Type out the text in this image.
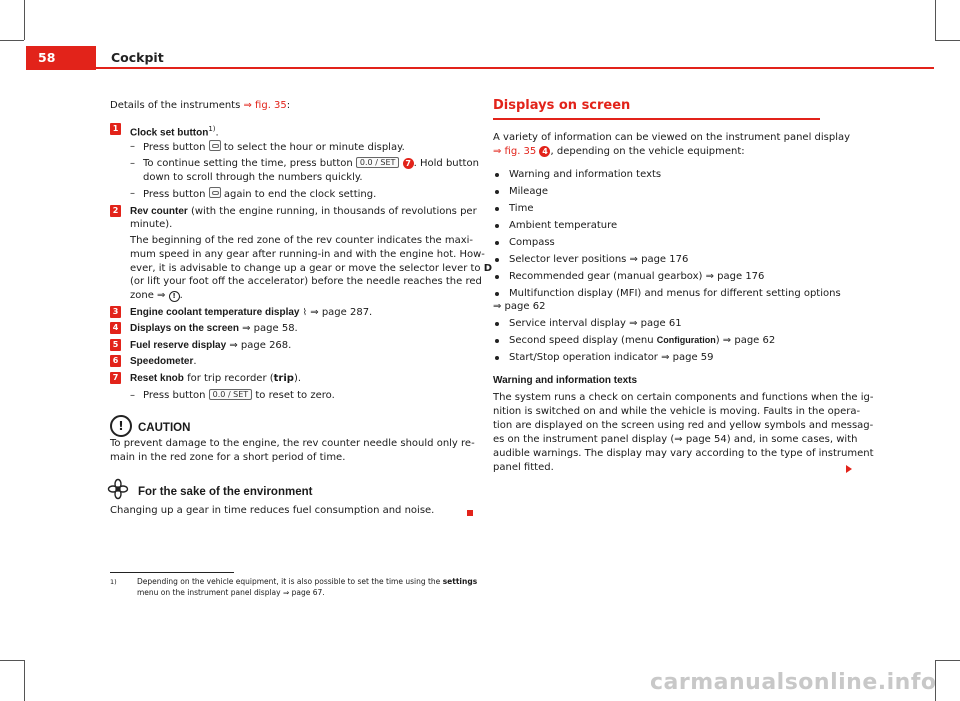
58	Cockpit
Details of the instruments ⇒ fig. 35:
1 Clock set button$^{1)}$.
– Press button to select the hour or minute display.
– To continue setting the time, press button 0.0 / SET 7 . Hold button
down to scroll through the numbers quickly.
– Press button again to end the clock setting.
2 Rev counter (with the engine running, in thousands of revolutions per
minute).
The beginning of the red zone of the rev counter indicates the maxi-
mum speed in any gear after running-in and with the engine hot. How-
ever, it is advisable to change up a gear or move the selector lever to D
(or lift your foot off the accelerator) before the needle reaches the red
zone ⇒ ! .
3 Engine coolant temperature display ⌇ ⇒ page 287.
4 Displays on the screen ⇒ page 58.
5 Fuel reserve display ⇒ page 268.
6 Speedometer.
7 Reset knob for trip recorder (trip).
– Press button 0.0 / SET to reset to zero.
!	CAUTION
To prevent damage to the engine, the rev counter needle should only re-
main in the red zone for a short period of time.
For the sake of the environment
Changing up a gear in time reduces fuel consumption and noise.
Displays on screen
A variety of information can be viewed on the instrument panel display
⇒ fig. 35 4 , depending on the vehicle equipment:
Warning and information texts
Mileage
Time
Ambient temperature
Compass
Selector lever positions ⇒ page 176
Recommended gear (manual gearbox) ⇒ page 176
Multifunction display (MFI) and menus for different setting options
⇒ page 62
Service interval display ⇒ page 61
Second speed display (menu Configuration) ⇒ page 62
Start/Stop operation indicator ⇒ page 59
Warning and information texts
The system runs a check on certain components and functions when the ig-
nition is switched on and while the vehicle is moving. Faults in the opera-
tion are displayed on the screen using red and yellow symbols and messag-
es on the instrument panel display (⇒ page 54) and, in some cases, with
audible warnings. The display may vary according to the type of instrument
panel fitted.
1)	Depending on the vehicle equipment, it is also possible to set the time using the settings
menu on the instrument panel display ⇒ page 67.
carmanualsonline.info
